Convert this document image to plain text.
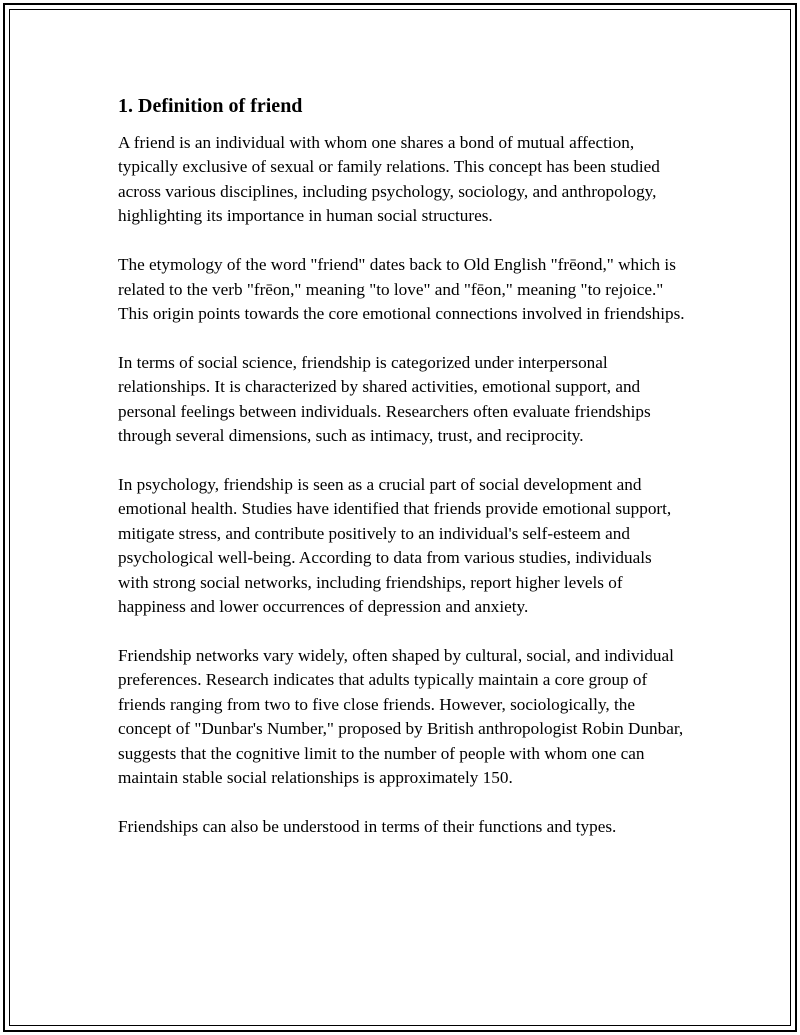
1. Definition of friend

A friend is an individual with whom one shares a bond of mutual affection, typically exclusive of sexual or family relations. This concept has been studied across various disciplines, including psychology, sociology, and anthropology, highlighting its importance in human social structures.

The etymology of the word "friend" dates back to Old English "frēond," which is related to the verb "frēon," meaning "to love" and "fēon," meaning "to rejoice." This origin points towards the core emotional connections involved in friendships.

In terms of social science, friendship is categorized under interpersonal relationships. It is characterized by shared activities, emotional support, and personal feelings between individuals. Researchers often evaluate friendships through several dimensions, such as intimacy, trust, and reciprocity.

In psychology, friendship is seen as a crucial part of social development and emotional health. Studies have identified that friends provide emotional support, mitigate stress, and contribute positively to an individual's self-esteem and psychological well-being. According to data from various studies, individuals with strong social networks, including friendships, report higher levels of happiness and lower occurrences of depression and anxiety.

Friendship networks vary widely, often shaped by cultural, social, and individual preferences. Research indicates that adults typically maintain a core group of friends ranging from two to five close friends. However, sociologically, the concept of "Dunbar's Number," proposed by British anthropologist Robin Dunbar, suggests that the cognitive limit to the number of people with whom one can maintain stable social relationships is approximately 150.

Friendships can also be understood in terms of their functions and types.
